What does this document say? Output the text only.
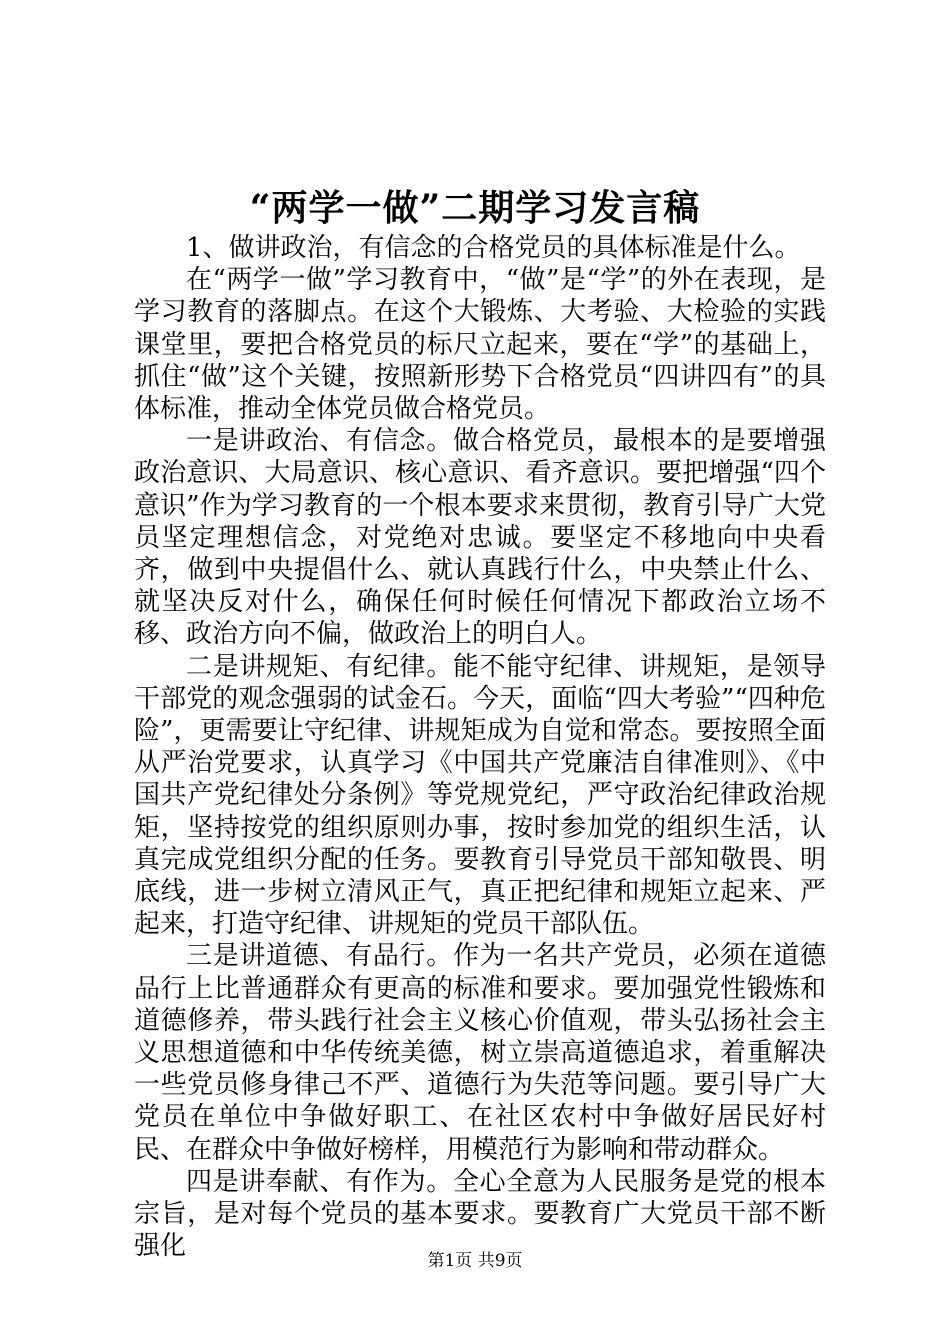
“两学一做”二期学习发言稿

1、做讲政治，有信念的合格党员的具体标准是什么。

在“两学一做”学习教育中，“做”是“学”的外在表现，是学习教育的落脚点。在这个大锻炼、大考验、大检验的实践课堂里，要把合格党员的标尺立起来，要在“学”的基础上，抓住“做”这个关键，按照新形势下合格党员“四讲四有”的具体标准，推动全体党员做合格党员。

一是讲政治、有信念。做合格党员，最根本的是要增强政治意识、大局意识、核心意识、看齐意识。要把增强“四个意识”作为学习教育的一个根本要求来贯彻，教育引导广大党员坚定理想信念，对党绝对忠诚。要坚定不移地向中央看齐，做到中央提倡什么、就认真践行什么，中央禁止什么、就坚决反对什么，确保任何时候任何情况下都政治立场不移、政治方向不偏，做政治上的明白人。

二是讲规矩、有纪律。能不能守纪律、讲规矩，是领导干部党的观念强弱的试金石。今天，面临“四大考验”“四种危险”，更需要让守纪律、讲规矩成为自觉和常态。要按照全面从严治党要求，认真学习《中国共产党廉洁自律准则》、《中国共产党纪律处分条例》等党规党纪，严守政治纪律政治规矩，坚持按党的组织原则办事，按时参加党的组织生活，认真完成党组织分配的任务。要教育引导党员干部知敬畏、明底线，进一步树立清风正气，真正把纪律和规矩立起来、严起来，打造守纪律、讲规矩的党员干部队伍。

三是讲道德、有品行。作为一名共产党员，必须在道德品行上比普通群众有更高的标准和要求。要加强党性锻炼和道德修养，带头践行社会主义核心价值观，带头弘扬社会主义思想道德和中华传统美德，树立崇高道德追求，着重解决一些党员修身律己不严、道德行为失范等问题。要引导广大党员在单位中争做好职工、在社区农村中争做好居民好村民、在群众中争做好榜样，用模范行为影响和带动群众。

四是讲奉献、有作为。全心全意为人民服务是党的根本宗旨，是对每个党员的基本要求。要教育广大党员干部不断强化	第1页 共9页
